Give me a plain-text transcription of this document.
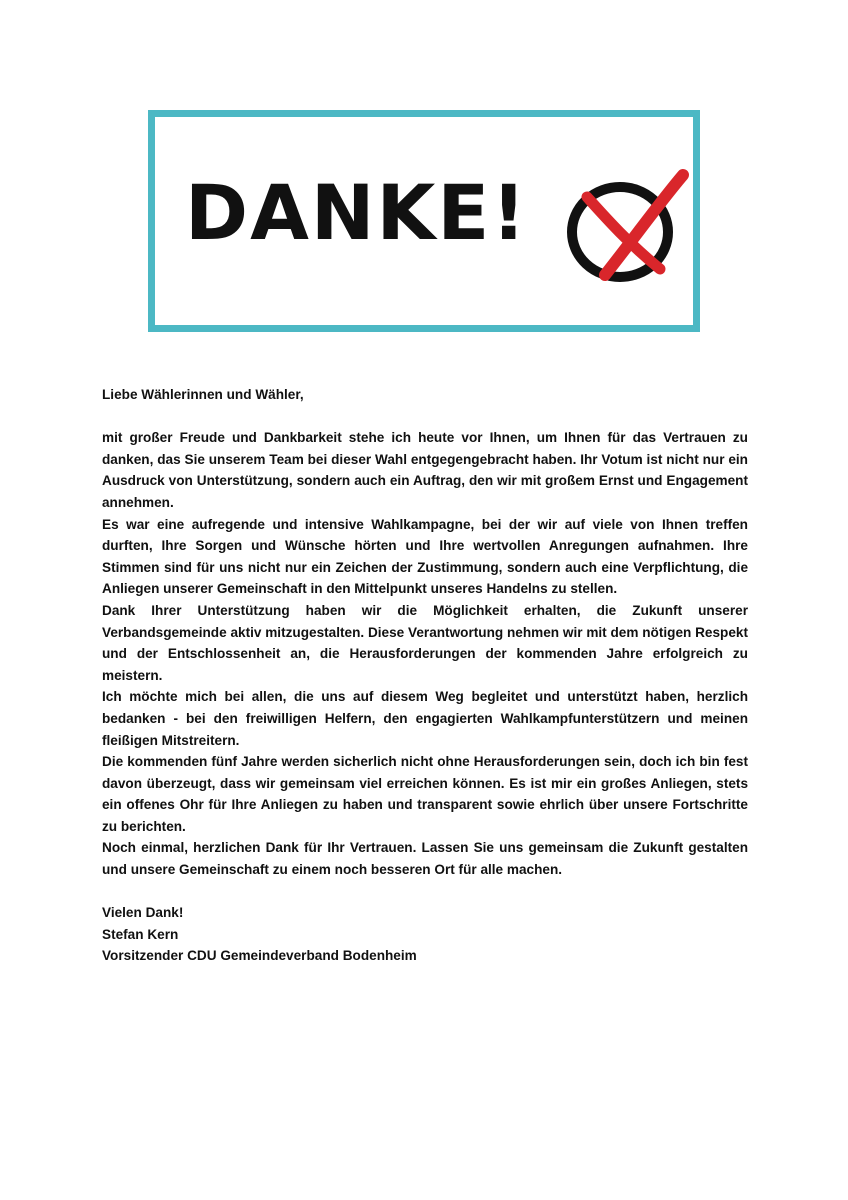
DANKE!

Liebe Wählerinnen und Wähler,

mit großer Freude und Dankbarkeit stehe ich heute vor Ihnen, um Ihnen für das Vertrauen zu danken, das Sie unserem Team bei dieser Wahl entgegengebracht haben. Ihr Votum ist nicht nur ein Ausdruck von Unterstützung, sondern auch ein Auftrag, den wir mit großem Ernst und Engagement annehmen.

Es war eine aufregende und intensive Wahlkampagne, bei der wir auf viele von Ihnen treffen durften, Ihre Sorgen und Wünsche hörten und Ihre wertvollen Anregungen aufnahmen. Ihre Stimmen sind für uns nicht nur ein Zeichen der Zustimmung, sondern auch eine Verpflichtung, die Anliegen unserer Gemeinschaft in den Mittelpunkt unseres Handelns zu stellen.

Dank Ihrer Unterstützung haben wir die Möglichkeit erhalten, die Zukunft unserer Verbandsgemeinde aktiv mitzugestalten. Diese Verantwortung nehmen wir mit dem nötigen Respekt und der Entschlossenheit an, die Herausforderungen der kommenden Jahre erfolgreich zu meistern.

Ich möchte mich bei allen, die uns auf diesem Weg begleitet und unterstützt haben, herzlich bedanken - bei den freiwilligen Helfern, den engagierten Wahlkampfunterstützern und meinen fleißigen Mitstreitern.

Die kommenden fünf Jahre werden sicherlich nicht ohne Herausforderungen sein, doch ich bin fest davon überzeugt, dass wir gemeinsam viel erreichen können. Es ist mir ein großes Anliegen, stets ein offenes Ohr für Ihre Anliegen zu haben und transparent sowie ehrlich über unsere Fortschritte zu berichten.

Noch einmal, herzlichen Dank für Ihr Vertrauen. Lassen Sie uns gemeinsam die Zukunft gestalten und unsere Gemeinschaft zu einem noch besseren Ort für alle machen.

Vielen Dank!
Stefan Kern
Vorsitzender CDU Gemeindeverband Bodenheim
